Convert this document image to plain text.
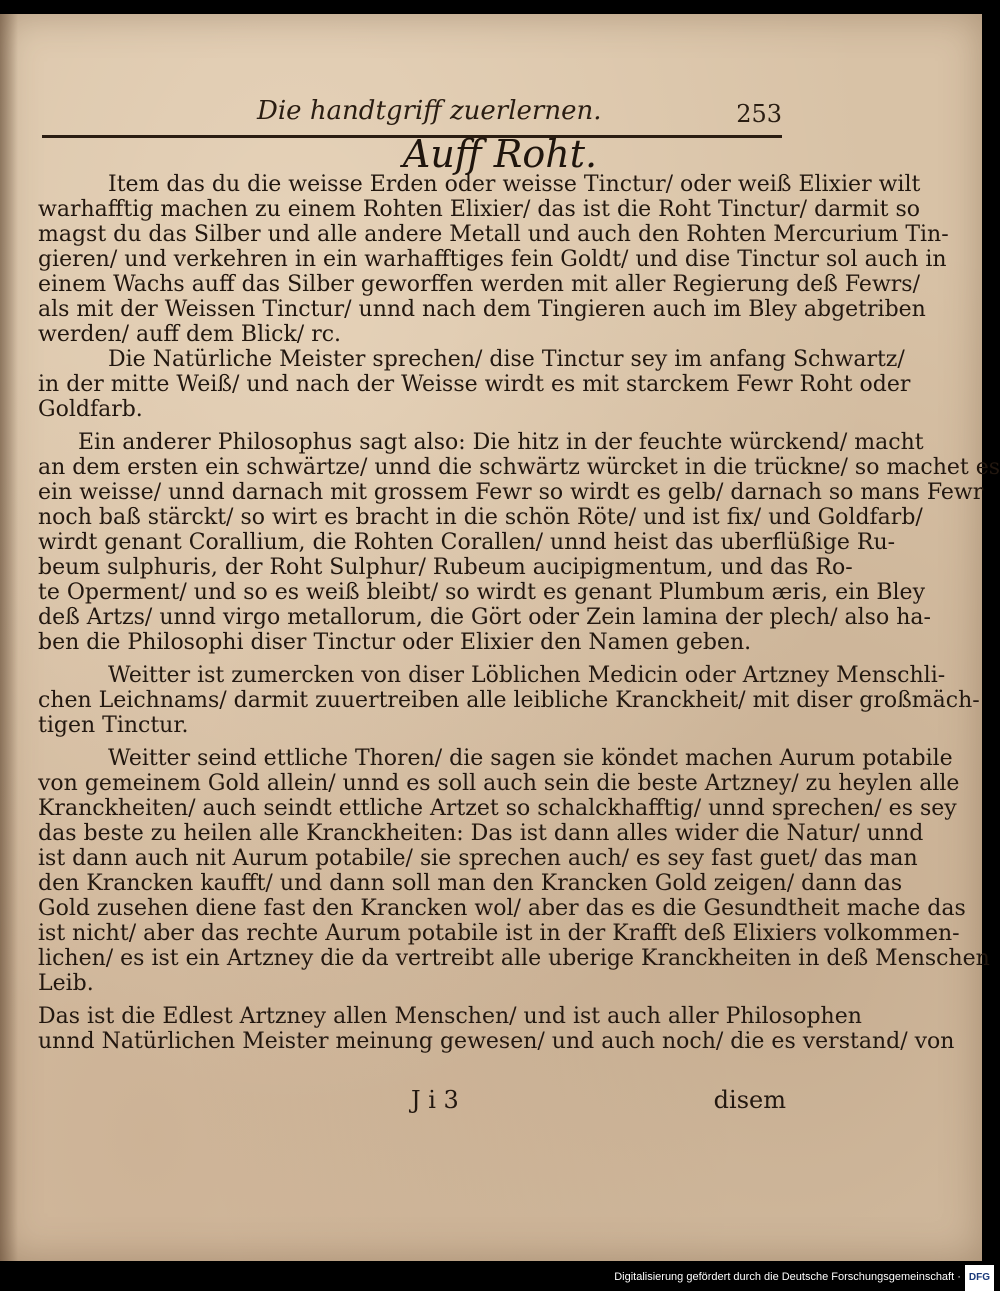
Die handtgriff zuerlernen.	253
Auff Roht.
Item das du die weisse Erden oder weisse Tinctur/ oder weiß Elixier wilt
warhafftig machen zu einem Rohten Elixier/ das ist die Roht Tinctur/ darmit so
magst du das Silber und alle andere Metall und auch den Rohten Mercurium Tin-
gieren/ und verkehren in ein warhafftiges fein Goldt/ und dise Tinctur sol auch in
einem Wachs auff das Silber geworffen werden mit aller Regierung deß Fewrs/
als mit der Weissen Tinctur/ unnd nach dem Tingieren auch im Bley abgetriben
werden/ auff dem Blick/ rc.
Die Natürliche Meister sprechen/ dise Tinctur sey im anfang Schwartz/
in der mitte Weiß/ und nach der Weisse wirdt es mit starckem Fewr Roht oder
Goldfarb.
Ein anderer Philosophus sagt also: Die hitz in der feuchte würckend/ macht
an dem ersten ein schwärtze/ unnd die schwärtz würcket in die trückne/ so machet es
ein weisse/ unnd darnach mit grossem Fewr so wirdt es gelb/ darnach so mans Fewr
noch baß stärckt/ so wirt es bracht in die schön Röte/ und ist fix/ und Goldfarb/
wirdt genant Corallium, die Rohten Corallen/ unnd heist das uberflüßige Ru-
beum sulphuris, der Roht Sulphur/ Rubeum aucipigmentum, und das Ro-
te Operment/ und so es weiß bleibt/ so wirdt es genant Plumbum æris, ein Bley
deß Artzs/ unnd virgo metallorum, die Gört oder Zein lamina der plech/ also ha-
ben die Philosophi diser Tinctur oder Elixier den Namen geben.
Weitter ist zumercken von diser Löblichen Medicin oder Artzney Menschli-
chen Leichnams/ darmit zuuertreiben alle leibliche Kranckheit/ mit diser großmäch-
tigen Tinctur.
Weitter seind ettliche Thoren/ die sagen sie köndet machen Aurum potabile
von gemeinem Gold allein/ unnd es soll auch sein die beste Artzney/ zu heylen alle
Kranckheiten/ auch seindt ettliche Artzet so schalckhafftig/ unnd sprechen/ es sey
das beste zu heilen alle Kranckheiten: Das ist dann alles wider die Natur/ unnd
ist dann auch nit Aurum potabile/ sie sprechen auch/ es sey fast guet/ das man
den Krancken kaufft/ und dann soll man den Krancken Gold zeigen/ dann das
Gold zusehen diene fast den Krancken wol/ aber das es die Gesundtheit mache das
ist nicht/ aber das rechte Aurum potabile ist in der Krafft deß Elixiers volkommen-
lichen/ es ist ein Artzney die da vertreibt alle uberige Kranckheiten in deß Menschen
Leib.
Das ist die Edlest Artzney allen Menschen/ und ist auch aller Philosophen
unnd Natürlichen Meister meinung gewesen/ und auch noch/ die es verstand/ von
J i 3	disem
Digitalisierung gefördert durch die Deutsche Forschungsgemeinschaft · DFG
